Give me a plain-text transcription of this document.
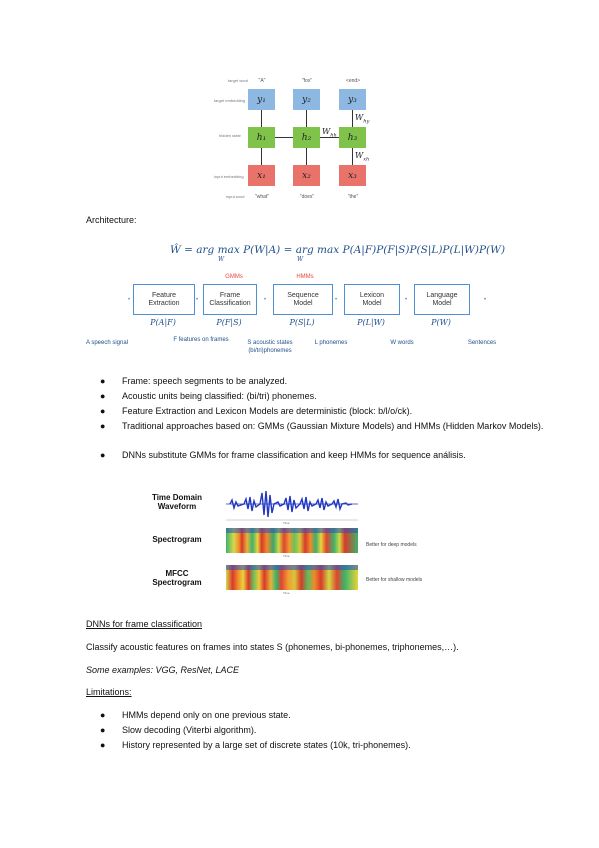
target word
target embedding
hidden state
input embedding
input word
"A"	"fox"	<end>
y₁	y₂	y₃
h₁	h₂	h₃
x₁	x₂	x₃
$W_{hy}$
$W_{hh}$
$W_{xh}$
"what"	"does"	"the"
Architecture:
Ŵ = arg max P(W|A) = arg max P(A|F)P(F|S)P(S|L)P(L|W)P(W)
W	W
GMMs	HMMs
•
Feature
Extraction	•
Frame
Classification •
Sequence
Model	•
Lexicon
Model	•
Language
Model	•
P(A|F)	P(F|S)	P(S|L)	P(L|W)	P(W)
A speech signal	F features on frames	S acoustic states (bi/tri)phonemes
L phonemes	W words	Sentences
● Frame: speech segments to be analyzed.
● Acoustic units being classified: (bi/tri) phonemes.
● Feature Extraction and Lexicon Models are deterministic (block: b/l/o/ck).
● Traditional approaches based on: GMMs (Gaussian Mixture Models) and HMMs (Hidden Markov Models).
● DNNs substitute GMMs for frame classification and keep HMMs for sequence análisis.
Time Domain Waveform
Spectrogram
MFCC Spectrogram
Time
Time
Time
Better for deep models
Better for shallow models
DNNs for frame classification
Classify acoustic features on frames into states S (phonemes, bi-phonemes, triphonemes,…).
Some examples: VGG, ResNet, LACE
Limitations:
● HMMs depend only on one previous state.
● Slow decoding (Viterbi algorithm).
● History represented by a large set of discrete states (10k, tri-phonemes).
